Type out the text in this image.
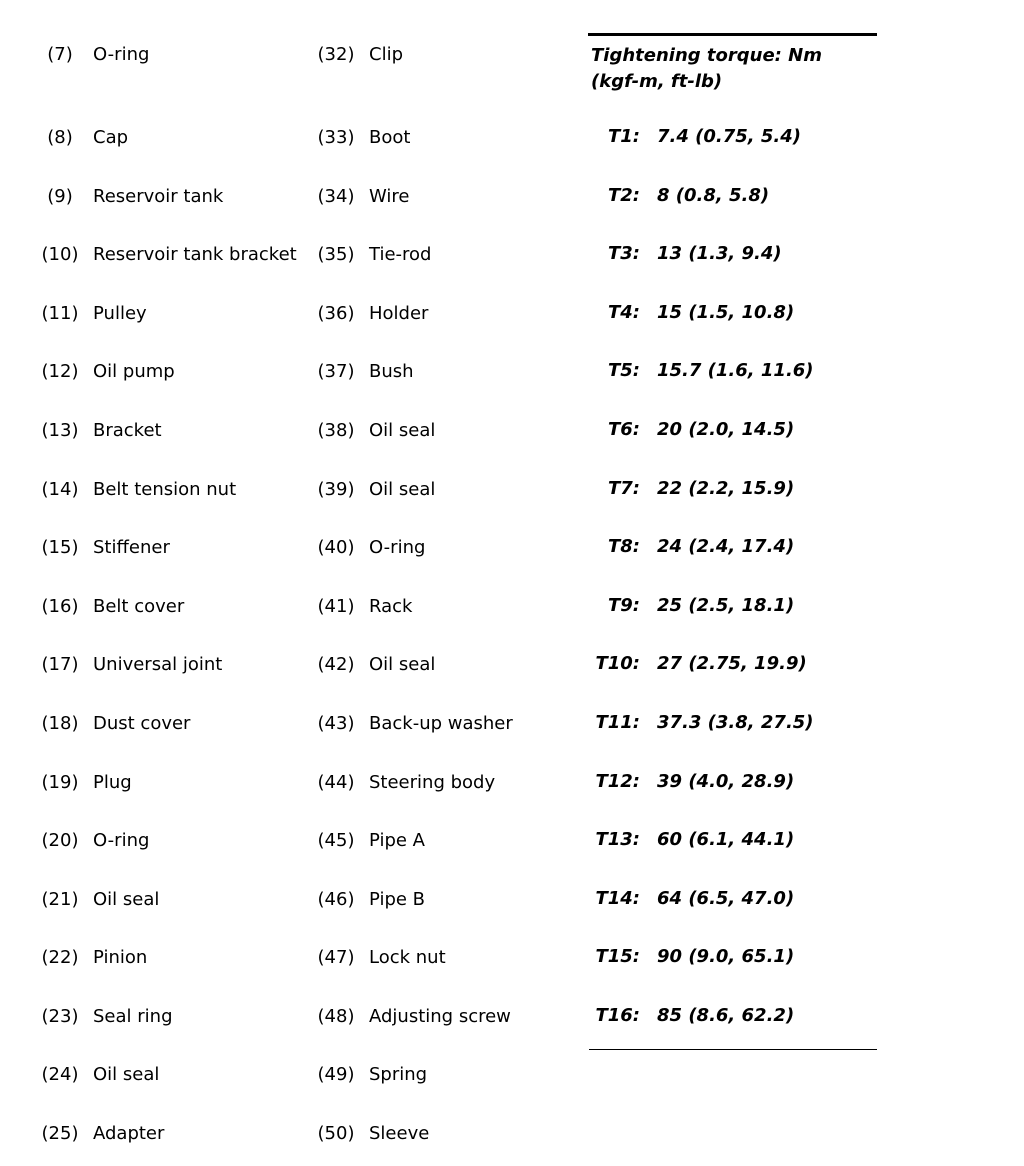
(7)	O-ring
(8)	Cap
(9)	Reservoir tank
(10) Reservoir tank bracket
(11) Pulley
(12) Oil pump
(13) Bracket
(14) Belt tension nut
(15) Stiffener
(16) Belt cover
(17) Universal joint
(18) Dust cover
(19) Plug
(20) O-ring
(21) Oil seal
(22) Pinion
(23) Seal ring
(24) Oil seal
(25) Adapter
(32) Clip
(33) Boot
(34) Wire
(35) Tie-rod
(36) Holder
(37) Bush
(38) Oil seal
(39) Oil seal
(40) O-ring
(41) Rack
(42) Oil seal
(43) Back-up washer
(44) Steering body
(45) Pipe A
(46) Pipe B
(47) Lock nut
(48) Adjusting screw
(49) Spring
(50) Sleeve
Tightening torque: Nm
(kgf-m, ft-lb)
T1: 7.4 (0.75, 5.4)
T2: 8 (0.8, 5.8)
T3: 13 (1.3, 9.4)
T4: 15 (1.5, 10.8)
T5: 15.7 (1.6, 11.6)
T6: 20 (2.0, 14.5)
T7: 22 (2.2, 15.9)
T8: 24 (2.4, 17.4)
T9: 25 (2.5, 18.1)
T10: 27 (2.75, 19.9)
T11: 37.3 (3.8, 27.5)
T12: 39 (4.0, 28.9)
T13: 60 (6.1, 44.1)
T14: 64 (6.5, 47.0)
T15: 90 (9.0, 65.1)
T16: 85 (8.6, 62.2)
